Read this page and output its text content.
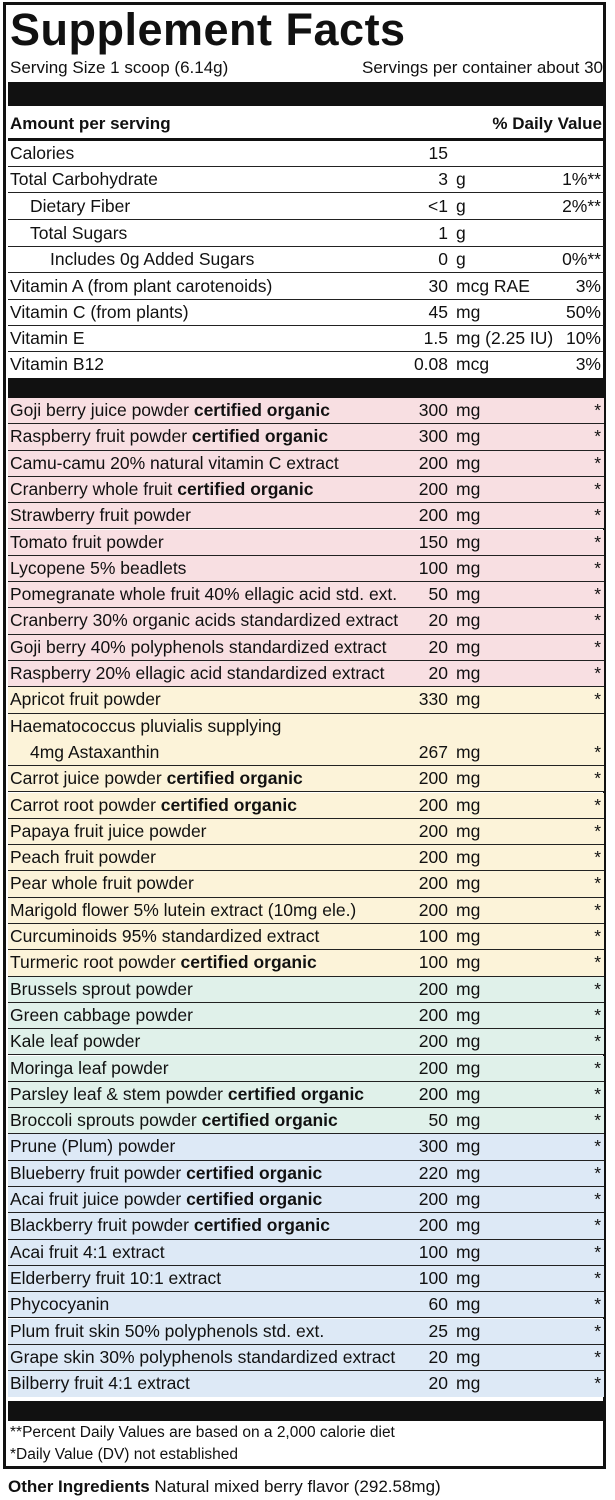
Supplement Facts
Serving Size 1 scoop (6.14g)	Servings per container about 30
Amount per serving	% Daily Value
Calories	15
Total Carbohydrate	3 g	1%**
Dietary Fiber	<1 g	2%**
Total Sugars	1 g
Includes 0g Added Sugars	0 g	0%**
Vitamin A (from plant carotenoids)	30 mcg RAE	3%
Vitamin C (from plants)	45 mg	50%
Vitamin E	1.5 mg (2.25 IU) 10%
Vitamin B12	0.08 mcg	3%
Goji berry juice powder certified organic	300 mg	*
Raspberry fruit powder certified organic	300 mg	*
Camu-camu 20% natural vitamin C extract	200 mg	*
Cranberry whole fruit certified organic	200 mg	*
Strawberry fruit powder	200 mg	*
Tomato fruit powder	150 mg	*
Lycopene 5% beadlets	100 mg	*
Pomegranate whole fruit 40% ellagic acid std. ext. 50 mg	*
Cranberry 30% organic acids standardized extract 20 mg	*
Goji berry 40% polyphenols standardized extract 20 mg	*
Raspberry 20% ellagic acid standardized extract	20 mg	*
Apricot fruit powder	330 mg	*
Haematococcus pluvialis supplying
4mg Astaxanthin	267 mg	*
Carrot juice powder certified organic	200 mg	*
Carrot root powder certified organic	200 mg	*
Papaya fruit juice powder	200 mg	*
Peach fruit powder	200 mg	*
Pear whole fruit powder	200 mg	*
Marigold flower 5% lutein extract (10mg ele.)	200 mg	*
Curcuminoids 95% standardized extract	100 mg	*
Turmeric root powder certified organic	100 mg	*
Brussels sprout powder	200 mg	*
Green cabbage powder	200 mg	*
Kale leaf powder	200 mg	*
Moringa leaf powder	200 mg	*
Parsley leaf & stem powder certified organic	200 mg	*
Broccoli sprouts powder certified organic	50 mg	*
Prune (Plum) powder	300 mg	*
Blueberry fruit powder certified organic	220 mg	*
Acai fruit juice powder certified organic	200 mg	*
Blackberry fruit powder certified organic	200 mg	*
Acai fruit 4:1 extract	100 mg	*
Elderberry fruit 10:1 extract	100 mg	*
Phycocyanin	60 mg	*
Plum fruit skin 50% polyphenols std. ext.	25 mg	*
Grape skin 30% polyphenols standardized extract 20 mg	*
Bilberry fruit 4:1 extract	20 mg	*
**Percent Daily Values are based on a 2,000 calorie diet
*Daily Value (DV) not established
Other Ingredients Natural mixed berry flavor (292.58mg)
